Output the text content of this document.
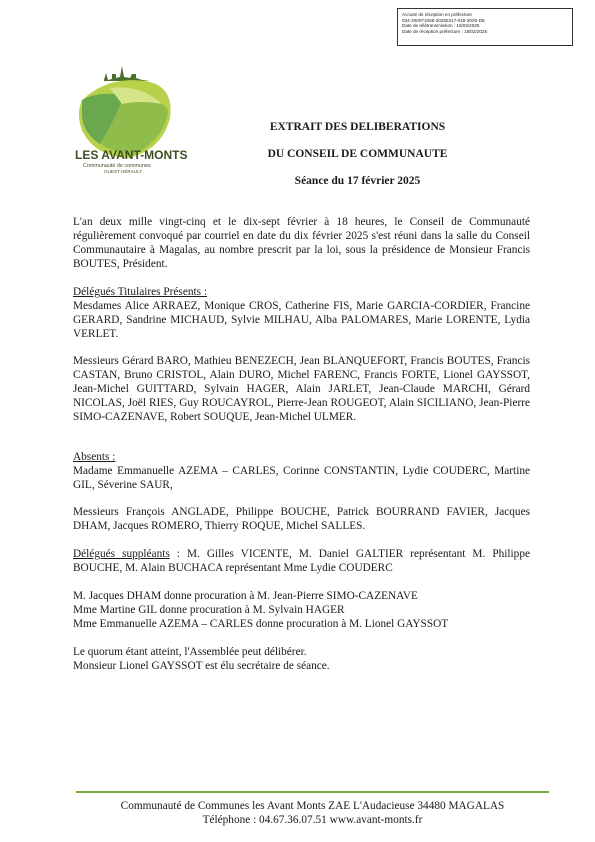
Accusé de réception en préfecture
034-200071058-20250217-018-2025-DE
Date de télétransmission : 18/02/2025
Date de réception préfecture : 18/02/2025
LES AVANT-MONTS
Communauté de communes
OUEST HÉRAULT
EXTRAIT DES DELIBERATIONS
DU CONSEIL DE COMMUNAUTE
Séance du 17 février 2025

L'an deux mille vingt-cinq et le dix-sept février à 18 heures, le Conseil de Communauté régulièrement convoqué par courriel en date du dix février 2025 s'est réuni dans la salle du Conseil Communautaire à Magalas, au nombre prescrit par la loi, sous la présidence de Monsieur Francis BOUTES, Président.

Délégués Titulaires Présents :

Mesdames Alice ARRAEZ, Monique CROS, Catherine FIS, Marie GARCIA-CORDIER, Francine GERARD, Sandrine MICHAUD, Sylvie MILHAU, Alba PALOMARES, Marie LORENTE, Lydia VERLET.

Messieurs Gérard BARO, Mathieu BENEZECH, Jean BLANQUEFORT, Francis BOUTES, Francis CASTAN, Bruno CRISTOL, Alain DURO, Michel FARENC, Francis FORTE, Lionel GAYSSOT, Jean-Michel GUITTARD, Sylvain HAGER, Alain JARLET, Jean-Claude MARCHI, Gérard NICOLAS, Joël RIES, Guy ROUCAYROL, Pierre-Jean ROUGEOT, Alain SICILIANO, Jean-Pierre SIMO-CAZENAVE, Robert SOUQUE, Jean-Michel ULMER.

Absents :

Madame Emmanuelle AZEMA – CARLES, Corinne CONSTANTIN, Lydie COUDERC, Martine GIL, Séverine SAUR,

Messieurs François ANGLADE, Philippe BOUCHE, Patrick BOURRAND FAVIER, Jacques DHAM, Jacques ROMERO, Thierry ROQUE, Michel SALLES.

Délégués suppléants : M. Gilles VICENTE, M. Daniel GALTIER représentant M. Philippe BOUCHE, M. Alain BUCHACA représentant Mme Lydie COUDERC

M. Jacques DHAM donne procuration à M. Jean-Pierre SIMO-CAZENAVE

Mme Martine GIL donne procuration à M. Sylvain HAGER

Mme Emmanuelle AZEMA – CARLES donne procuration à M. Lionel GAYSSOT

Le quorum étant atteint, l'Assemblée peut délibérer.

Monsieur Lionel GAYSSOT est élu secrétaire de séance.

Communauté de Communes les Avant Monts ZAE L'Audacieuse 34480 MAGALAS
Téléphone : 04.67.36.07.51 www.avant-monts.fr
